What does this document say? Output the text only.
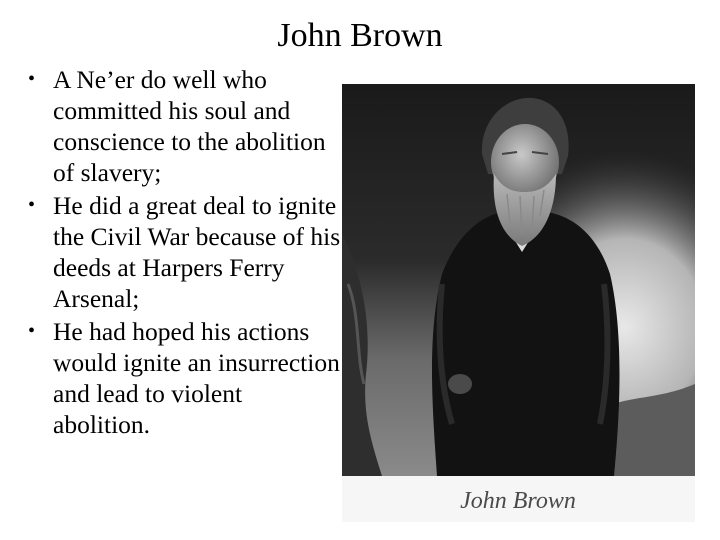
John Brown
• A Ne’er do well who committed his soul and conscience to the abolition of slavery;
• He did a great deal to ignite the Civil War because of his deeds at Harpers Ferry Arsenal;
• He had hoped his actions would ignite an insurrection and lead to violent abolition.
John Brown
